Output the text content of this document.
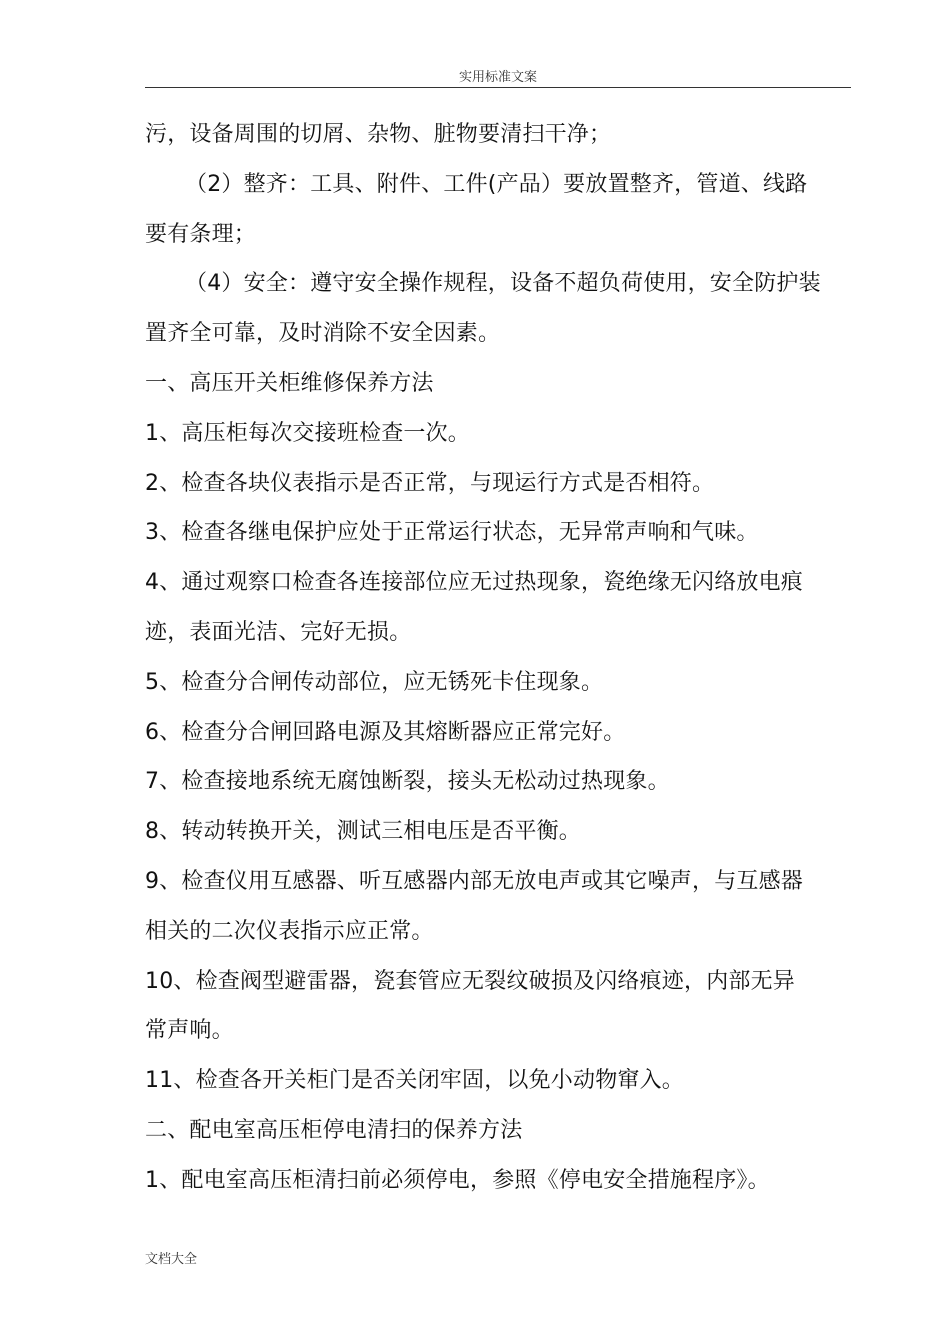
实用标准文案
污，设备周围的切屑、杂物、脏物要清扫干净；
（2）整齐：工具、附件、工件(产品）要放置整齐，管道、线路
要有条理；
（4）安全：遵守安全操作规程，设备不超负荷使用，安全防护装
置齐全可靠，及时消除不安全因素。
一、高压开关柜维修保养方法
1、高压柜每次交接班检查一次。
2、检查各块仪表指示是否正常，与现运行方式是否相符。
3、检查各继电保护应处于正常运行状态，无异常声响和气味。
4、通过观察口检查各连接部位应无过热现象，瓷绝缘无闪络放电痕
迹，表面光洁、完好无损。
5、检查分合闸传动部位，应无锈死卡住现象。
6、检查分合闸回路电源及其熔断器应正常完好。
7、检查接地系统无腐蚀断裂，接头无松动过热现象。
8、转动转换开关，测试三相电压是否平衡。
9、检查仪用互感器、听互感器内部无放电声或其它噪声，与互感器
相关的二次仪表指示应正常。
10、检查阀型避雷器，瓷套管应无裂纹破损及闪络痕迹，内部无异
常声响。
11、检查各开关柜门是否关闭牢固，以免小动物窜入。
二、配电室高压柜停电清扫的保养方法
1、配电室高压柜清扫前必须停电，参照《停电安全措施程序》。
文档大全
